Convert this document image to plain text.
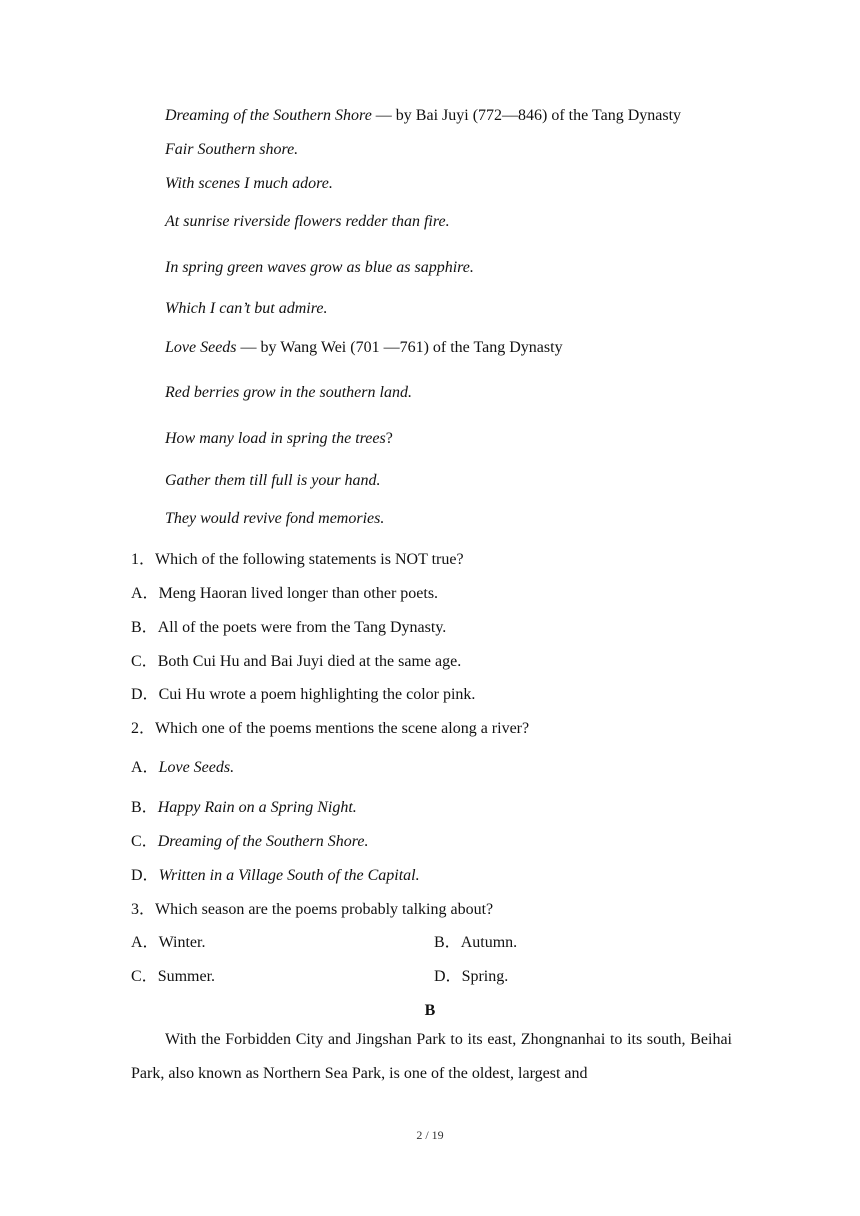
Dreaming of the Southern Shore — by Bai Juyi (772—846) of the Tang Dynasty
Fair Southern shore.
With scenes I much adore.
At sunrise riverside flowers redder than fire.
In spring green waves grow as blue as sapphire.
Which I can’t but admire.
Love Seeds — by Wang Wei (701 —761) of the Tang Dynasty
Red berries grow in the southern land.
How many load in spring the trees?
Gather them till full is your hand.
They would revive fond memories.
1．Which of the following statements is NOT true?
A．Meng Haoran lived longer than other poets.
B．All of the poets were from the Tang Dynasty.
C．Both Cui Hu and Bai Juyi died at the same age.
D．Cui Hu wrote a poem highlighting the color pink.
2．Which one of the poems mentions the scene along a river?
A．Love Seeds.
B．Happy Rain on a Spring Night.
C．Dreaming of the Southern Shore.
D．Written in a Village South of the Capital.
3．Which season are the poems probably talking about?
A．Winter.	B．Autumn.
C．Summer.	D．Spring.
B

With the Forbidden City and Jingshan Park to its east, Zhongnanhai to its south, Beihai Park, also known as Northern Sea Park, is one of the oldest, largest and

2 / 19
